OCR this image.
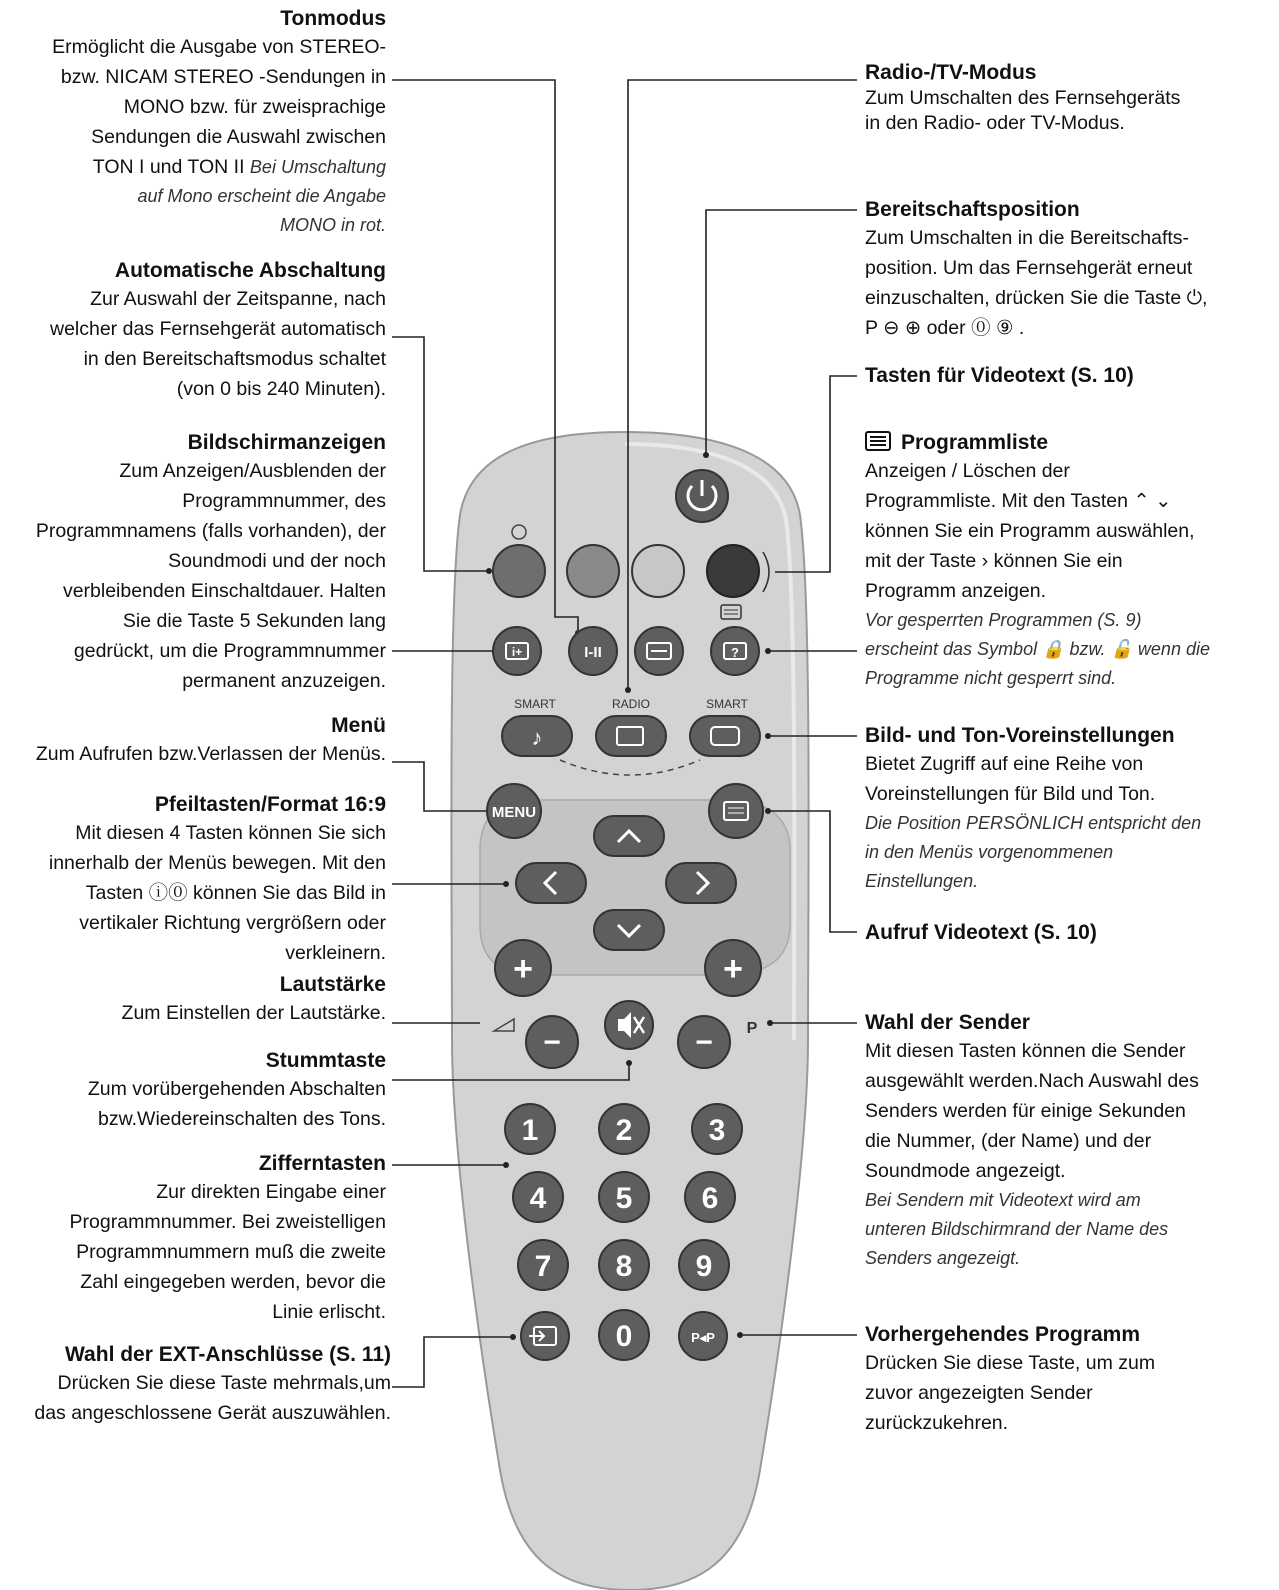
i+	I-II	?
SMART	RADIO	SMART
♪
MENU
+	+
−	− P
1	2	3
4 5 6
7 8 9
0	P◂P
Tonmodus
Ermöglicht die Ausgabe von STEREO-
bzw. NICAM STEREO -Sendungen in
MONO bzw. für zweisprachige
Sendungen die Auswahl zwischen
TON I und TON II Bei Umschaltung
auf Mono erscheint die Angabe
MONO in rot.
Automatische Abschaltung
Zur Auswahl der Zeitspanne, nach
welcher das Fernsehgerät automatisch
in den Bereitschaftsmodus schaltet
(von 0 bis 240 Minuten).
Bildschirmanzeigen
Zum Anzeigen/Ausblenden der
Programmnummer, des
Programmnamens (falls vorhanden), der
Soundmodi und der noch
verbleibenden Einschaltdauer. Halten
Sie die Taste 5 Sekunden lang
gedrückt, um die Programmnummer
permanent anzuzeigen.
Menü
Zum Aufrufen bzw.Verlassen der Menüs.
Pfeiltasten/Format 16:9
Mit diesen 4 Tasten können Sie sich
innerhalb der Menüs bewegen. Mit den
Tasten ⓘ⓪ können Sie das Bild in
vertikaler Richtung vergrößern oder
verkleinern.
Lautstärke
Zum Einstellen der Lautstärke.
Stummtaste
Zum vorübergehenden Abschalten
bzw.Wiedereinschalten des Tons.
Zifferntasten
Zur direkten Eingabe einer
Programmnummer. Bei zweistelligen
Programmnummern muß die zweite
Zahl eingegeben werden, bevor die
Linie erlischt.
Wahl der EXT-Anschlüsse (S. 11)
Drücken Sie diese Taste mehrmals,um
das angeschlossene Gerät auszuwählen.
Radio-/TV-Modus
Zum Umschalten des Fernsehgeräts
in den Radio- oder TV-Modus.
Bereitschaftsposition
Zum Umschalten in die Bereitschafts-
position. Um das Fernsehgerät erneut
einzuschalten, drücken Sie die Taste ⏻,
P ⊖ ⊕ oder ⓪ ⑨ .
Tasten für Videotext (S. 10)
Programmliste
Anzeigen / Löschen der
Programmliste. Mit den Tasten ⌃ ⌄
können Sie ein Programm auswählen,
mit der Taste › können Sie ein
Programm anzeigen.
Vor gesperrten Programmen (S. 9)
erscheint das Symbol 🔒 bzw. 🔓 wenn die
Programme nicht gesperrt sind.
Bild- und Ton-Voreinstellungen
Bietet Zugriff auf eine Reihe von
Voreinstellungen für Bild und Ton.
Die Position PERSÖNLICH entspricht den
in den Menüs vorgenommenen
Einstellungen.
Aufruf Videotext (S. 10)
Wahl der Sender
Mit diesen Tasten können die Sender
ausgewählt werden.Nach Auswahl des
Senders werden für einige Sekunden
die Nummer, (der Name) und der
Soundmode angezeigt.
Bei Sendern mit Videotext wird am
unteren Bildschirmrand der Name des
Senders angezeigt.
Vorhergehendes Programm
Drücken Sie diese Taste, um zum
zuvor angezeigten Sender
zurückzukehren.
